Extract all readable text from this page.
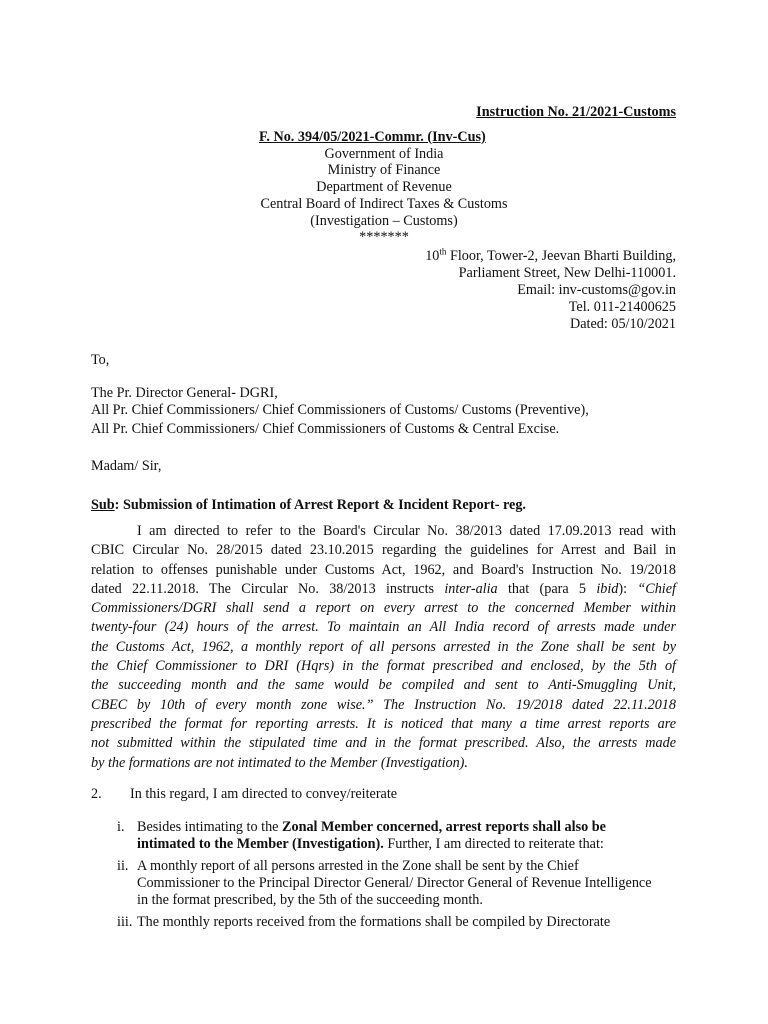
Instruction No. 21/2021-Customs
F. No. 394/05/2021-Commr. (Inv-Cus)
Government of India
Ministry of Finance
Department of Revenue
Central Board of Indirect Taxes & Customs
(Investigation – Customs)
*******
10th Floor, Tower-2, Jeevan Bharti Building,
Parliament Street, New Delhi-110001.
Email: inv-customs@gov.in
Tel. 011-21400625
Dated: 05/10/2021
To,
The Pr. Director General- DGRI,
All Pr. Chief Commissioners/ Chief Commissioners of Customs/ Customs (Preventive),
All Pr. Chief Commissioners/ Chief Commissioners of Customs & Central Excise.
Madam/ Sir,
Sub: Submission of Intimation of Arrest Report & Incident Report- reg.
I am directed to refer to the Board's Circular No. 38/2013 dated 17.09.2013 read with
CBIC Circular No. 28/2015 dated 23.10.2015 regarding the guidelines for Arrest and Bail in
relation to offenses punishable under Customs Act, 1962, and Board's Instruction No. 19/2018
dated 22.11.2018. The Circular No. 38/2013 instructs inter-alia that (para 5 ibid): “Chief
Commissioners/DGRI shall send a report on every arrest to the concerned Member within
twenty-four (24) hours of the arrest. To maintain an All India record of arrests made under
the Customs Act, 1962, a monthly report of all persons arrested in the Zone shall be sent by
the Chief Commissioner to DRI (Hqrs) in the format prescribed and enclosed, by the 5th of
the succeeding month and the same would be compiled and sent to Anti-Smuggling Unit,
CBEC by 10th of every month zone wise.” The Instruction No. 19/2018 dated 22.11.2018
prescribed the format for reporting arrests. It is noticed that many a time arrest reports are
not submitted within the stipulated time and in the format prescribed. Also, the arrests made
by the formations are not intimated to the Member (Investigation).
2. In this regard, I am directed to convey/reiterate
i. Besides intimating to the Zonal Member concerned, arrest reports shall also be intimated to the Member (Investigation). Further, I am directed to reiterate that:
ii. A monthly report of all persons arrested in the Zone shall be sent by the Chief Commissioner to the Principal Director General/ Director General of Revenue Intelligence in the format prescribed, by the 5th of the succeeding month.
iii. The monthly reports received from the formations shall be compiled by Directorate
